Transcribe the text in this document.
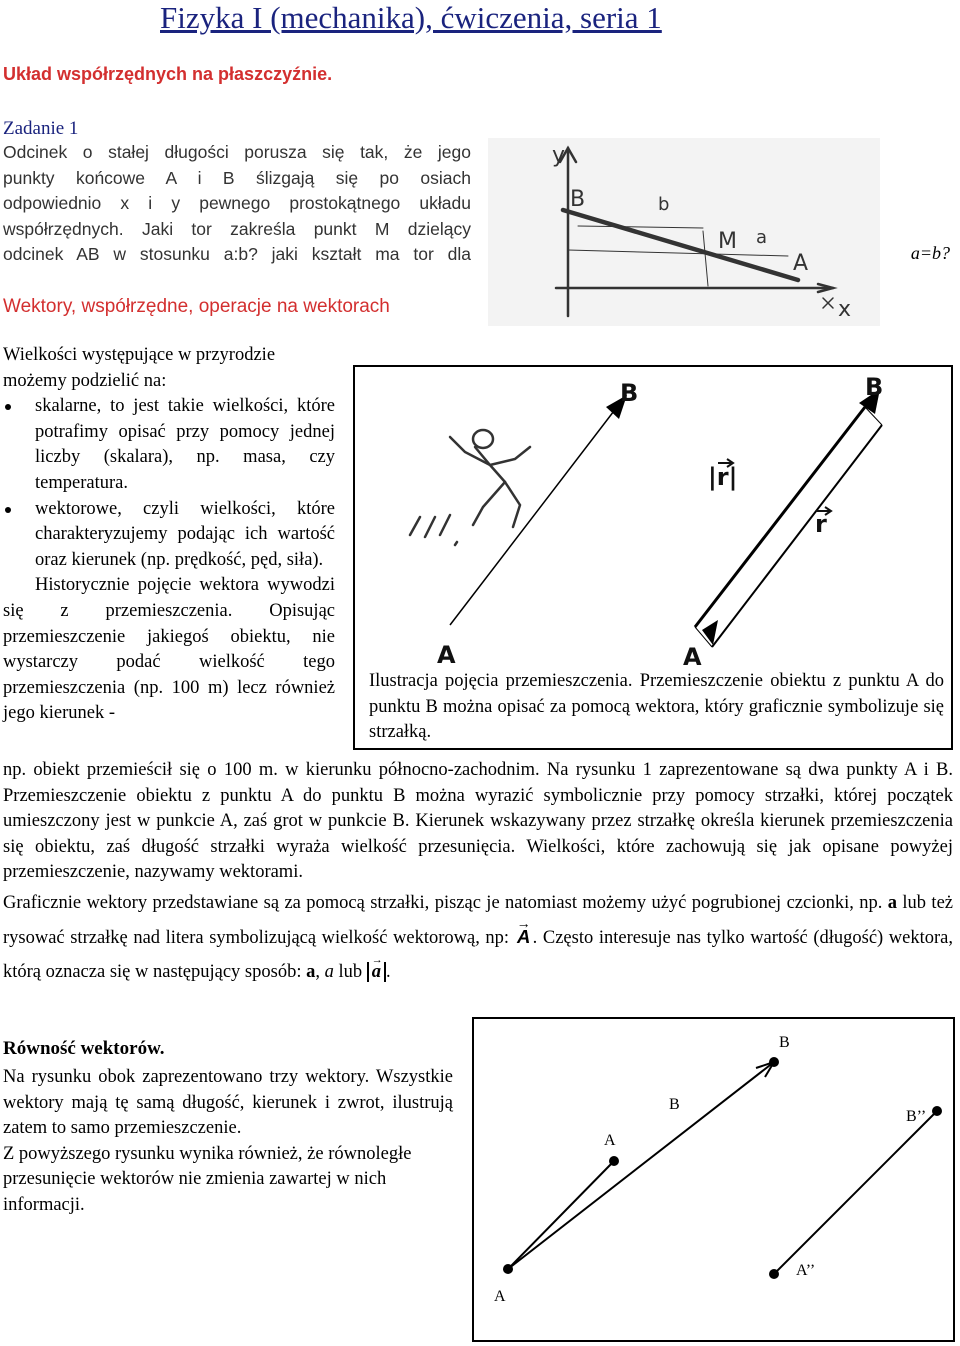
Fizyka I (mechanika), ćwiczenia, seria 1
Układ współrzędnych na płaszczyźnie.
Zadanie 1
Odcinek o stałej długości porusza się tak, że jego
punkty końcowe A i B ślizgają się po osiach
odpowiednio x i y pewnego prostokątnego układu
współrzędnych. Jaki tor zakreśla punkt M dzielący
odcinek AB w stosunku a:b? jaki kształt ma tor dla	a=b?
y
x
B
A
M a
b
Wektory, współrzędne, operacje na wektorach
Wielkości występujące w przyrodzie
możemy podzielić na:
skalarne, to jest takie wielkości, które potrafimy opisać przy pomocy jednej liczby (skalara), np. masa, czy temperatura.
wektorowe, czyli wielkości, które charakteryzujemy podając ich wartość oraz kierunek (np. prędkość, pęd, siła).
Historycznie pojęcie wektora wywodzi się z przemieszczenia. Opisując przemieszczenie jakiegoś obiektu, nie wystarczy podać wielkość tego przemieszczenia (np. 100 m) lecz również jego kierunek -
B	B
A	A
|r|
r
Ilustracja pojęcia przemieszczenia. Przemieszczenie obiektu z punktu A do punktu B można opisać za pomocą wektora, który graficznie symbolizuje się strzałką.
np. obiekt przemieścił się o 100 m. w kierunku północno-zachodnim. Na rysunku 1 zaprezentowane są dwa punkty A i B. Przemieszczenie obiektu z punktu A do punktu B można wyrazić symbolicznie przy pomocy strzałki, której początek umieszczony jest w punkcie A, zaś grot w punkcie B. Kierunek wskazywany przez strzałkę określa kierunek przemieszczenia się obiektu, zaś długość strzałki wyraża wielkość przesunięcia. Wielkości, które zachowują się jak opisane powyżej przemieszczenie, nazywamy wektorami.
Graficznie wektory przedstawiane są za pomocą strzałki, pisząc je natomiast możemy użyć pogrubionej czcionki, np. a lub też rysować strzałkę nad litera symbolizującą wielkość wektorową, np:
→
A . Często interesuje nas tylko wartość (długość) wektora, którą oznacza się w następujący sposób: a, a lub
→
a .
Równość wektorów.
Na rysunku obok zaprezentowano trzy wektory. Wszystkie wektory mają tę samą długość, kierunek i zwrot, ilustrują zatem to samo przemieszczenie.
Z powyższego rysunku wynika również, że równoległe przesunięcie wektorów nie zmienia zawartej w nich informacji.
A
B
A
B
A’’
B’’
